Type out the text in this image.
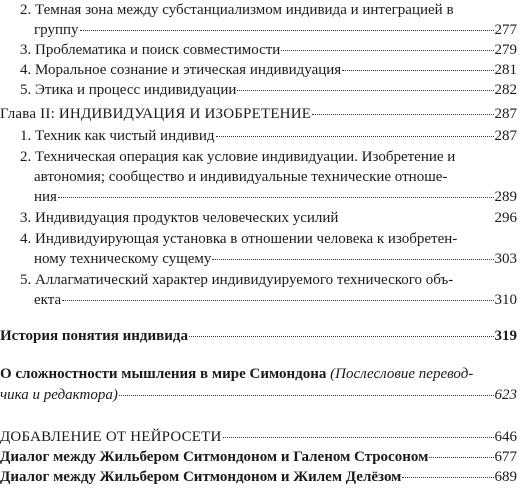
2. Темная зона между субстанциализмом индивида и интеграцией в
группу	277
3. Проблематика и поиск совместимости	279
4. Моральное сознание и этическая индивидуация	281
5. Этика и процесс индивидуации	282
Глава II: ИНДИВИДУАЦИЯ И ИЗОБРЕТЕНИЕ	287
1. Техник как чистый индивид	287
2. Техническая операция как условие индивидуации. Изобретение и
автономия; сообщество и индивидуальные технические отноше-
ния	289
3. Индивидуация продуктов человеческих усилий	296
4. Индивидуирующая установка в отношении человека к изобретен-
ному техническому сущему	303
5. Аллагматический характер индивидуируемого технического объ-
екта	310
История понятия индивида	319
О сложностности мышления в мире Симондона (Послесловие перевод-
чика и редактора)	623
ДОБАВЛЕНИЕ ОТ НЕЙРОСЕТИ	646
Диалог между Жильбером Ситмондоном и Галеном Стросоном	677
Диалог между Жильбером Ситмондоном и Жилем Делёзом	689
